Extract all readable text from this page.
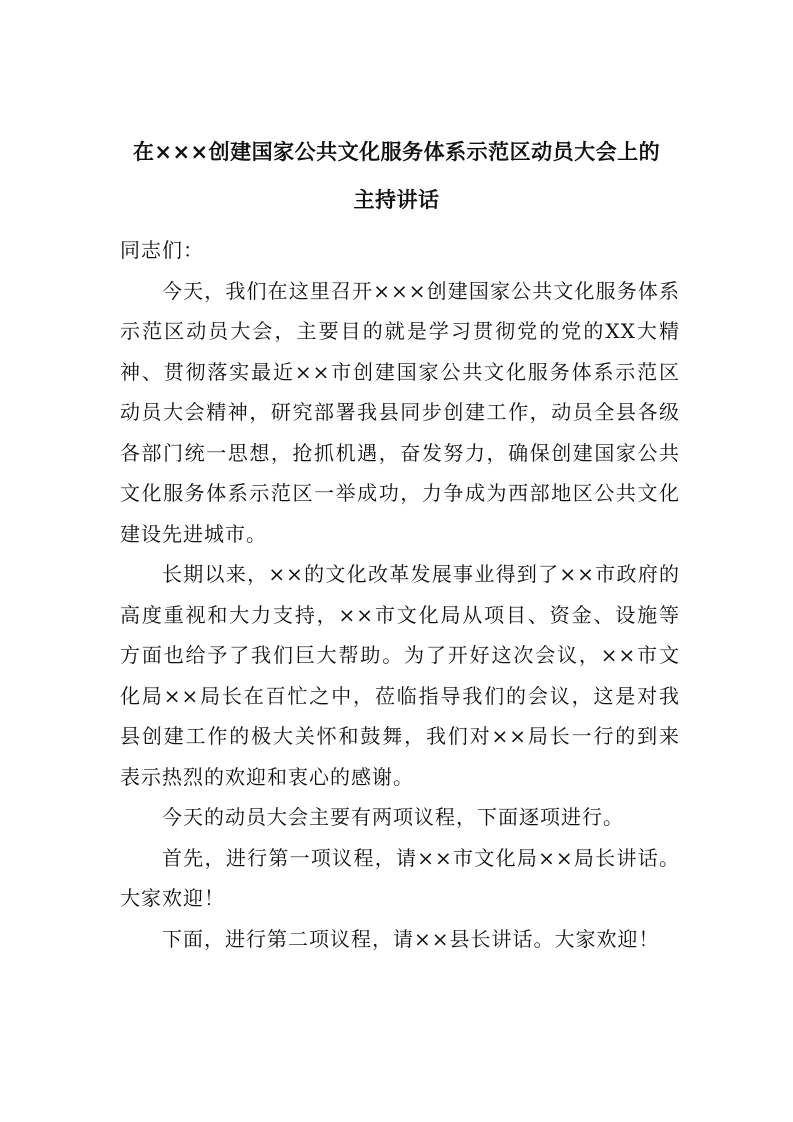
在×××创建国家公共文化服务体系示范区动员大会上的
主持讲话

同志们：

今天，我们在这里召开×××创建国家公共文化服务体系示范区动员大会，主要目的就是学习贯彻党的党的XX大精神、贯彻落实最近××市创建国家公共文化服务体系示范区动员大会精神，研究部署我县同步创建工作，动员全县各级各部门统一思想，抢抓机遇，奋发努力，确保创建国家公共文化服务体系示范区一举成功，力争成为西部地区公共文化建设先进城市。

长期以来，××的文化改革发展事业得到了××市政府的高度重视和大力支持，××市文化局从项目、资金、设施等方面也给予了我们巨大帮助。为了开好这次会议，××市文化局××局长在百忙之中，莅临指导我们的会议，这是对我县创建工作的极大关怀和鼓舞，我们对××局长一行的到来表示热烈的欢迎和衷心的感谢。

今天的动员大会主要有两项议程，下面逐项进行。

首先，进行第一项议程，请××市文化局××局长讲话。大家欢迎！

下面，进行第二项议程，请××县长讲话。大家欢迎！
